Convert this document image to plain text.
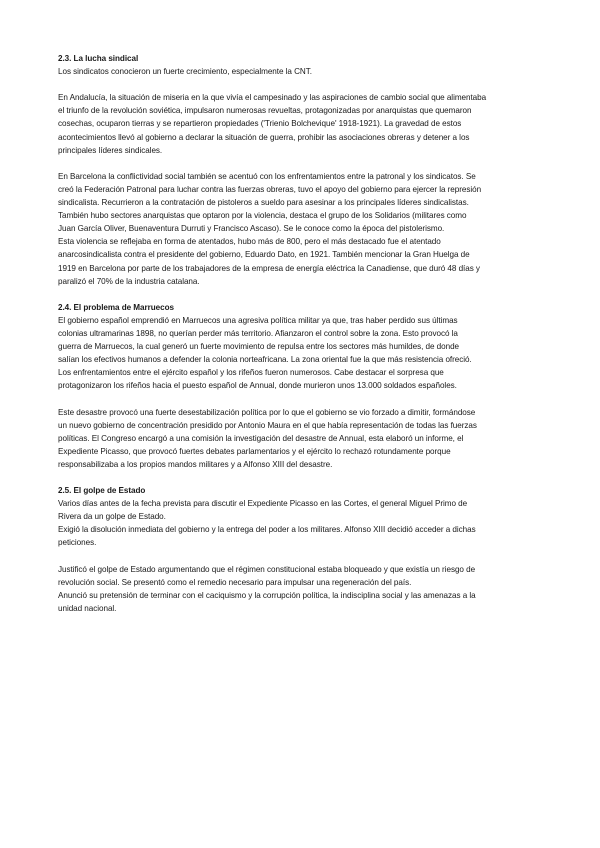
2.3. La lucha sindical

Los sindicatos conocieron un fuerte crecimiento, especialmente la CNT.

En Andalucía, la situación de miseria en la que vivía el campesinado y las aspiraciones de cambio social que alimentaba

el triunfo de la revolución soviética, impulsaron numerosas revueltas, protagonizadas por anarquistas que quemaron

cosechas, ocuparon tierras y se repartieron propiedades ('Trienio Bolchevique' 1918-1921). La gravedad de estos

acontecimientos llevó al gobierno a declarar la situación de guerra, prohibir las asociaciones obreras y detener a los

principales líderes sindicales.

En Barcelona la conflictividad social también se acentuó con los enfrentamientos entre la patronal y los sindicatos. Se

creó la Federación Patronal para luchar contra las fuerzas obreras, tuvo el apoyo del gobierno para ejercer la represión

sindicalista. Recurrieron a la contratación de pistoleros a sueldo para asesinar a los principales líderes sindicalistas.

También hubo sectores anarquistas que optaron por la violencia, destaca el grupo de los Solidarios (militares como

Juan García Oliver, Buenaventura Durruti y Francisco Ascaso). Se le conoce como la época del pistolerismo.

Esta violencia se reflejaba en forma de atentados, hubo más de 800, pero el más destacado fue el atentado

anarcosindicalista contra el presidente del gobierno, Eduardo Dato, en 1921. También mencionar la Gran Huelga de

1919 en Barcelona por parte de los trabajadores de la empresa de energía eléctrica la Canadiense, que duró 48 días y

paralizó el 70% de la industria catalana.

2.4. El problema de Marruecos

El gobierno español emprendió en Marruecos una agresiva política militar ya que, tras haber perdido sus últimas

colonias ultramarinas 1898, no querían perder más territorio. Afianzaron el control sobre la zona. Esto provocó la

guerra de Marruecos, la cual generó un fuerte movimiento de repulsa entre los sectores más humildes, de donde

salían los efectivos humanos a defender la colonia norteafricana. La zona oriental fue la que más resistencia ofreció.

Los enfrentamientos entre el ejército español y los rifeños fueron numerosos. Cabe destacar el sorpresa que

protagonizaron los rifeños hacia el puesto español de Annual, donde murieron unos 13.000 soldados españoles.

Este desastre provocó una fuerte desestabilización política por lo que el gobierno se vio forzado a dimitir, formándose

un nuevo gobierno de concentración presidido por Antonio Maura en el que había representación de todas las fuerzas

políticas. El Congreso encargó a una comisión la investigación del desastre de Annual, esta elaboró un informe, el

Expediente Picasso, que provocó fuertes debates parlamentarios y el ejército lo rechazó rotundamente porque

responsabilizaba a los propios mandos militares y a Alfonso XIII del desastre.

2.5. El golpe de Estado

Varios días antes de la fecha prevista para discutir el Expediente Picasso en las Cortes, el general Miguel Primo de

Rivera da un golpe de Estado.

Exigió la disolución inmediata del gobierno y la entrega del poder a los militares. Alfonso XIII decidió acceder a dichas

peticiones.

Justificó el golpe de Estado argumentando que el régimen constitucional estaba bloqueado y que existía un riesgo de

revolución social. Se presentó como el remedio necesario para impulsar una regeneración del país.

Anunció su pretensión de terminar con el caciquismo y la corrupción política, la indisciplina social y las amenazas a la

unidad nacional.
